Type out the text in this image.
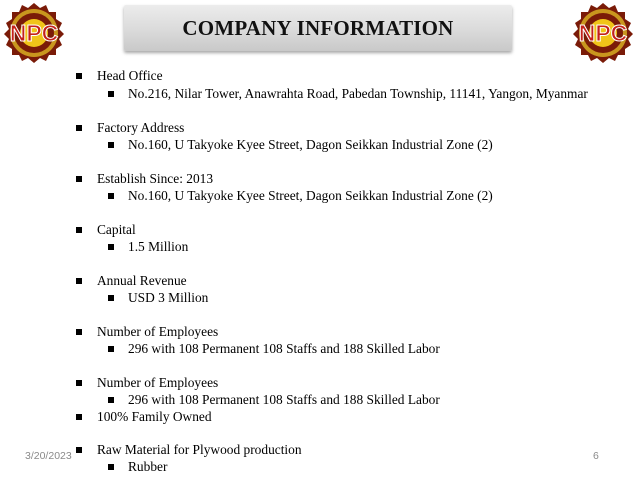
NPC	NPC
COMPANY INFORMATION
Head Office
No.216, Nilar Tower, Anawrahta Road, Pabedan Township, 11141, Yangon, Myanmar
Factory Address
No.160, U Takyoke Kyee Street, Dagon Seikkan Industrial Zone (2)
Establish Since: 2013
No.160, U Takyoke Kyee Street, Dagon Seikkan Industrial Zone (2)
Capital
1.5 Million
Annual Revenue
USD 3 Million
Number of Employees
296 with 108 Permanent 108 Staffs and 188 Skilled Labor
Number of Employees
296 with 108 Permanent 108 Staffs and 188 Skilled Labor
100% Family Owned
Raw Material for Plywood production
Rubber
3/20/2023	6
